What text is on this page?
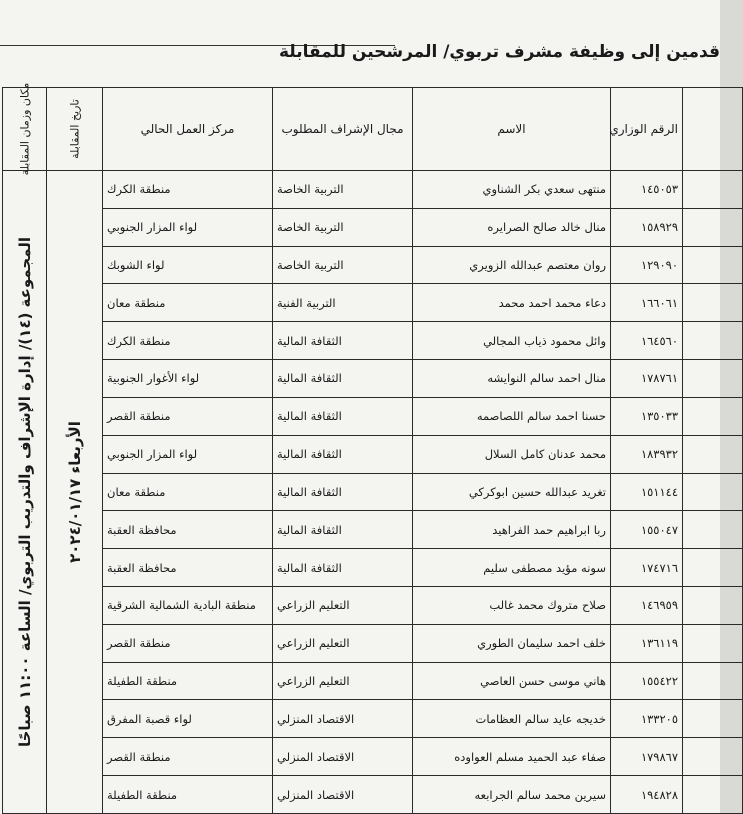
قدمين إلى وظيفة مشرف تربوي/ المرشحين للمقابلة
	الرقم الوزاري	الاسم	مجال الإشراف المطلوب	مركز العمل الحالي	تاريخ المقابلة	مكان وزمان المقابلة

	١٤٥٠٥٣	منتهى سعدي بكر الشناوي	التربية الخاصة	منطقة الكرك	الأربعاء ٢٠٢٤/٠١/١٧	المجموعة (١٤)/ إدارة الإشراف والتدريب التربوي/ الساعة ١١:٠٠ صباحًا

	١٥٨٩٢٩	منال خالد صالح الصرايره	التربية الخاصة	لواء المزار الجنوبي		
	١٢٩٠٩٠	روان معتصم عبدالله الزويري	التربية الخاصة	لواء الشوبك		
	١٦٦٠٦١	دعاء محمد احمد محمد	التربية الفنية	منطقة معان		
	١٦٤٥٦٠	وائل محمود ذياب المجالي	الثقافة المالية	منطقة الكرك		
	١٧٨٧٦١	منال احمد سالم النوايشه	الثقافة المالية	لواء الأغوار الجنوبية		
	١٣٥٠٣٣	حسنا احمد سالم اللصاصمه	الثقافة المالية	منطقة القصر		
	١٨٣٩٣٢	محمد عدنان كامل السلال	الثقافة المالية	لواء المزار الجنوبي		
	١٥١١٤٤	تغريد عبدالله حسين ابوكركي	الثقافة المالية	منطقة معان		
	١٥٥٠٤٧	ربا ابراهيم حمد الفراهيد	الثقافة المالية	محافظة العقبة		
	١٧٤٧١٦	سونه مؤيد مصطفى سليم	الثقافة المالية	محافظة العقبة		
	١٤٦٩٥٩	صلاح متروك محمد غالب	التعليم الزراعي	منطقة البادية الشمالية الشرقية		
	١٣٦١١٩	خلف احمد سليمان الطوري	التعليم الزراعي	منطقة القصر		
	١٥٥٤٢٢	هاني موسى حسن العاصي	التعليم الزراعي	منطقة الطفيلة		
	١٣٣٢٠٥	خديجه عايد سالم العظامات	الاقتصاد المنزلي	لواء قصبة المفرق		
	١٧٩٨٦٧	صفاء عبد الحميد مسلم العواوده	الاقتصاد المنزلي	منطقة القصر		
	١٩٤٨٢٨	سيرين محمد سالم الجرابعه	الاقتصاد المنزلي	منطقة الطفيلة		
